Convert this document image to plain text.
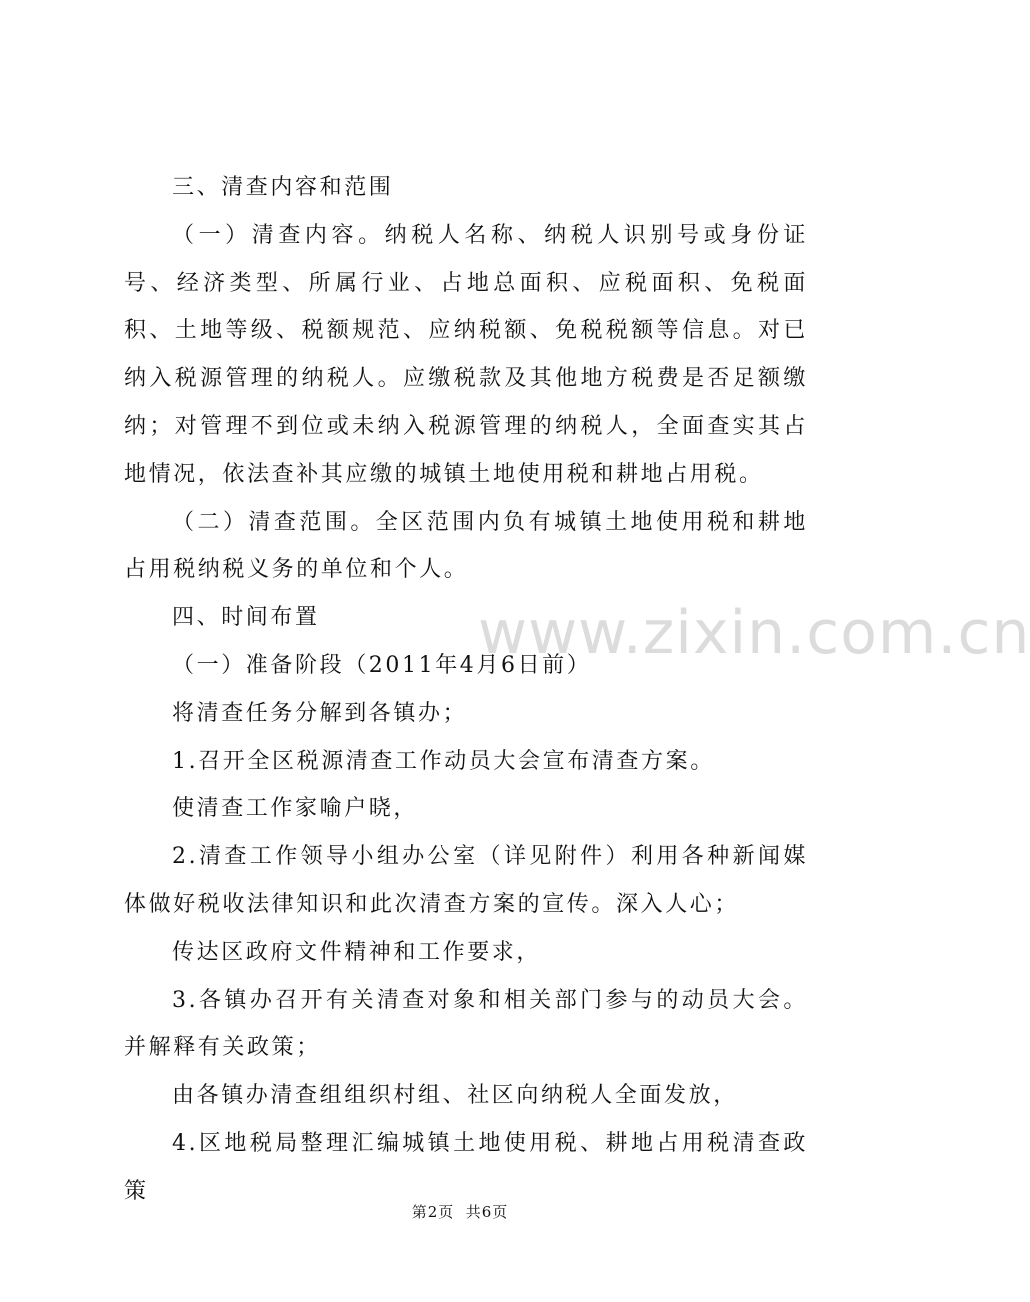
www.zixin.com.cn

三、清查内容和范围

（一）清查内容。纳税人名称、纳税人识别号或身份证号、经济类型、所属行业、占地总面积、应税面积、免税面积、土地等级、税额规范、应纳税额、免税税额等信息。对已纳入税源管理的纳税人。应缴税款及其他地方税费是否足额缴纳；对管理不到位或未纳入税源管理的纳税人，全面查实其占地情况，依法查补其应缴的城镇土地使用税和耕地占用税。

（二）清查范围。全区范围内负有城镇土地使用税和耕地占用税纳税义务的单位和个人。

四、时间布置

（一）准备阶段（2011年4月6日前）

将清查任务分解到各镇办；

1.召开全区税源清查工作动员大会宣布清查方案。

使清查工作家喻户晓，

2.清查工作领导小组办公室（详见附件）利用各种新闻媒体做好税收法律知识和此次清查方案的宣传。深入人心；

传达区政府文件精神和工作要求，

3.各镇办召开有关清查对象和相关部门参与的动员大会。并解释有关政策；

由各镇办清查组组织村组、社区向纳税人全面发放，

4.区地税局整理汇编城镇土地使用税、耕地占用税清查政策

第2页  共6页
